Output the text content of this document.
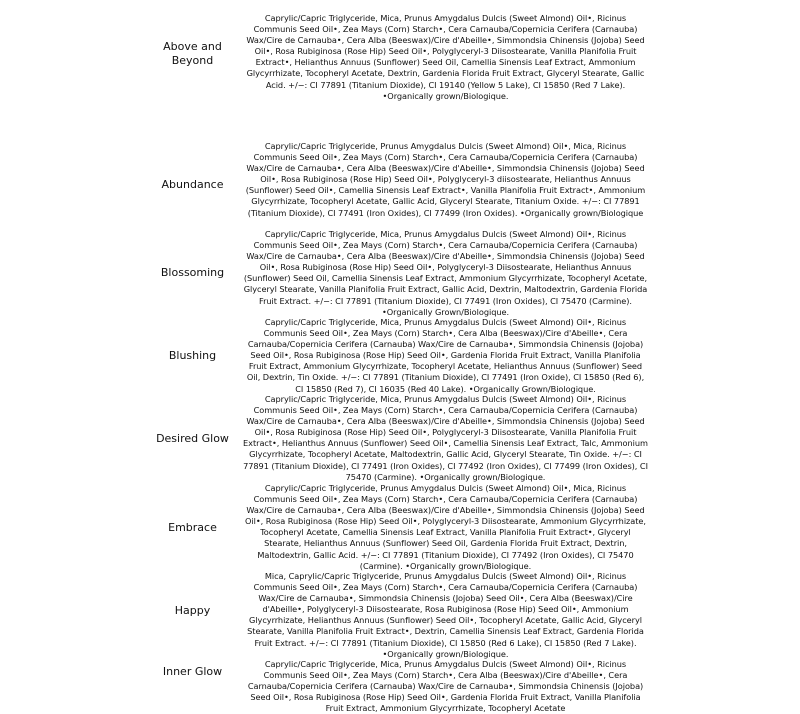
Above and Beyond
Caprylic/Capric Triglyceride, Mica, Prunus Amygdalus Dulcis (Sweet Almond) Oil•, Ricinus Communis Seed Oil•, Zea Mays (Corn) Starch•, Cera Carnauba/Copernicia Cerifera (Carnauba) Wax/Cire de Carnauba•, Cera Alba (Beeswax)/Cire d'Abeille•, Simmondsia Chinensis (Jojoba) Seed Oil•, Rosa Rubiginosa (Rose Hip) Seed Oil•, Polyglyceryl-3 Diisostearate, Vanilla Planifolia Fruit Extract•, Helianthus Annuus (Sunflower) Seed Oil, Camellia Sinensis Leaf Extract, Ammonium Glycyrrhizate, Tocopheryl Acetate, Dextrin, Gardenia Florida Fruit Extract, Glyceryl Stearate, Gallic Acid. +/−: CI 77891 (Titanium Dioxide), CI 19140 (Yellow 5 Lake), CI 15850 (Red 7 Lake). •Organically grown/Biologique.
Abundance
Caprylic/Capric Triglyceride, Prunus Amygdalus Dulcis (Sweet Almond) Oil•, Mica, Ricinus Communis Seed Oil•, Zea Mays (Corn) Starch•, Cera Carnauba/Copernicia Cerifera (Carnauba) Wax/Cire de Carnauba•, Cera Alba (Beeswax)/Cire d'Abeille•, Simmondsia Chinensis (Jojoba) Seed Oil•, Rosa Rubiginosa (Rose Hip) Seed Oil•, Polyglyceryl-3 diisostearate, Helianthus Annuus (Sunflower) Seed Oil•, Camellia Sinensis Leaf Extract•, Vanilla Planifolia Fruit Extract•, Ammonium Glycyrrhizate, Tocopheryl Acetate, Gallic Acid, Glyceryl Stearate, Titanium Oxide. +/−: CI 77891 (Titanium Dioxide), CI 77491 (Iron Oxides), CI 77499 (Iron Oxides). •Organically grown/Biologique
Blossoming
Caprylic/Capric Triglyceride, Mica, Prunus Amygdalus Dulcis (Sweet Almond) Oil•, Ricinus Communis Seed Oil•, Zea Mays (Corn) Starch•, Cera Carnauba/Copernicia Cerifera (Carnauba) Wax/Cire de Carnauba•, Cera Alba (Beeswax)/Cire d'Abeille•, Simmondsia Chinensis (Jojoba) Seed Oil•, Rosa Rubiginosa (Rose Hip) Seed Oil•, Polyglyceryl-3 Diisostearate, Helianthus Annuus (Sunflower) Seed Oil, Camellia Sinensis Leaf Extract, Ammonium Glycyrrhizate, Tocopheryl Acetate, Glyceryl Stearate, Vanilla Planifolia Fruit Extract, Gallic Acid, Dextrin, Maltodextrin, Gardenia Florida Fruit Extract. +/−: CI 77891 (Titanium Dioxide), CI 77491 (Iron Oxides), CI 75470 (Carmine). •Organically Grown/Biologique.
Blushing
Caprylic/Capric Triglyceride, Mica, Prunus Amygdalus Dulcis (Sweet Almond) Oil•, Ricinus Communis Seed Oil•, Zea Mays (Corn) Starch•, Cera Alba (Beeswax)/Cire d'Abeille•, Cera Carnauba/Copernicia Cerifera (Carnauba) Wax/Cire de Carnauba•, Simmondsia Chinensis (Jojoba) Seed Oil•, Rosa Rubiginosa (Rose Hip) Seed Oil•, Gardenia Florida Fruit Extract, Vanilla Planifolia Fruit Extract, Ammonium Glycyrrhizate, Tocopheryl Acetate, Helianthus Annuus (Sunflower) Seed Oil, Dextrin, Tin Oxide. +/−: CI 77891 (Titanium Dioxide), CI 77491 (Iron Oxide), CI 15850 (Red 6), CI 15850 (Red 7), CI 16035 (Red 40 Lake). •Organically Grown/Biologique.
Desired Glow
Caprylic/Capric Triglyceride, Mica, Prunus Amygdalus Dulcis (Sweet Almond) Oil•, Ricinus Communis Seed Oil•, Zea Mays (Corn) Starch•, Cera Carnauba/Copernicia Cerifera (Carnauba) Wax/Cire de Carnauba•, Cera Alba (Beeswax)/Cire d'Abeille•, Simmondsia Chinensis (Jojoba) Seed Oil•, Rosa Rubiginosa (Rose Hip) Seed Oil•, Polyglyceryl-3 Diisostearate, Vanilla Planifolia Fruit Extract•, Helianthus Annuus (Sunflower) Seed Oil•, Camellia Sinensis Leaf Extract, Talc, Ammonium Glycyrrhizate, Tocopheryl Acetate, Maltodextrin, Gallic Acid, Glyceryl Stearate, Tin Oxide. +/−: CI 77891 (Titanium Dioxide), CI 77491 (Iron Oxides), CI 77492 (Iron Oxides), CI 77499 (Iron Oxides), CI 75470 (Carmine). •Organically grown/Biologique.
Embrace
Caprylic/Capric Triglyceride, Prunus Amygdalus Dulcis (Sweet Almond) Oil•, Mica, Ricinus Communis Seed Oil•, Zea Mays (Corn) Starch•, Cera Carnauba/Copernicia Cerifera (Carnauba) Wax/Cire de Carnauba•, Cera Alba (Beeswax)/Cire d'Abeille•, Simmondsia Chinensis (Jojoba) Seed Oil•, Rosa Rubiginosa (Rose Hip) Seed Oil•, Polyglyceryl-3 Diisostearate, Ammonium Glycyrrhizate, Tocopheryl Acetate, Camellia Sinensis Leaf Extract, Vanilla Planifolia Fruit Extract•, Glyceryl Stearate, Helianthus Annuus (Sunflower) Seed Oil, Gardenia Florida Fruit Extract, Dextrin, Maltodextrin, Gallic Acid. +/−: CI 77891 (Titanium Dioxide), CI 77492 (Iron Oxides), CI 75470 (Carmine). •Organically grown/Biologique.
Happy
Mica, Caprylic/Capric Triglyceride, Prunus Amygdalus Dulcis (Sweet Almond) Oil•, Ricinus Communis Seed Oil•, Zea Mays (Corn) Starch•, Cera Carnauba/Copernicia Cerifera (Carnauba) Wax/Cire de Carnauba•, Simmondsia Chinensis (Jojoba) Seed Oil•, Cera Alba (Beeswax)/Cire d'Abeille•, Polyglyceryl-3 Diisostearate, Rosa Rubiginosa (Rose Hip) Seed Oil•, Ammonium Glycyrrhizate, Helianthus Annuus (Sunflower) Seed Oil•, Tocopheryl Acetate, Gallic Acid, Glyceryl Stearate, Vanilla Planifolia Fruit Extract•, Dextrin, Camellia Sinensis Leaf Extract, Gardenia Florida Fruit Extract. +/−: CI 77891 (Titanium Dioxide), CI 15850 (Red 6 Lake), CI 15850 (Red 7 Lake). •Organically grown/Biologique.
Inner Glow
Caprylic/Capric Triglyceride, Mica, Prunus Amygdalus Dulcis (Sweet Almond) Oil•, Ricinus Communis Seed Oil•, Zea Mays (Corn) Starch•, Cera Alba (Beeswax)/Cire d'Abeille•, Cera Carnauba/Copernicia Cerifera (Carnauba) Wax/Cire de Carnauba•, Simmondsia Chinensis (Jojoba) Seed Oil•, Rosa Rubiginosa (Rose Hip) Seed Oil•, Gardenia Florida Fruit Extract, Vanilla Planifolia Fruit Extract, Ammonium Glycyrrhizate, Tocopheryl Acetate
